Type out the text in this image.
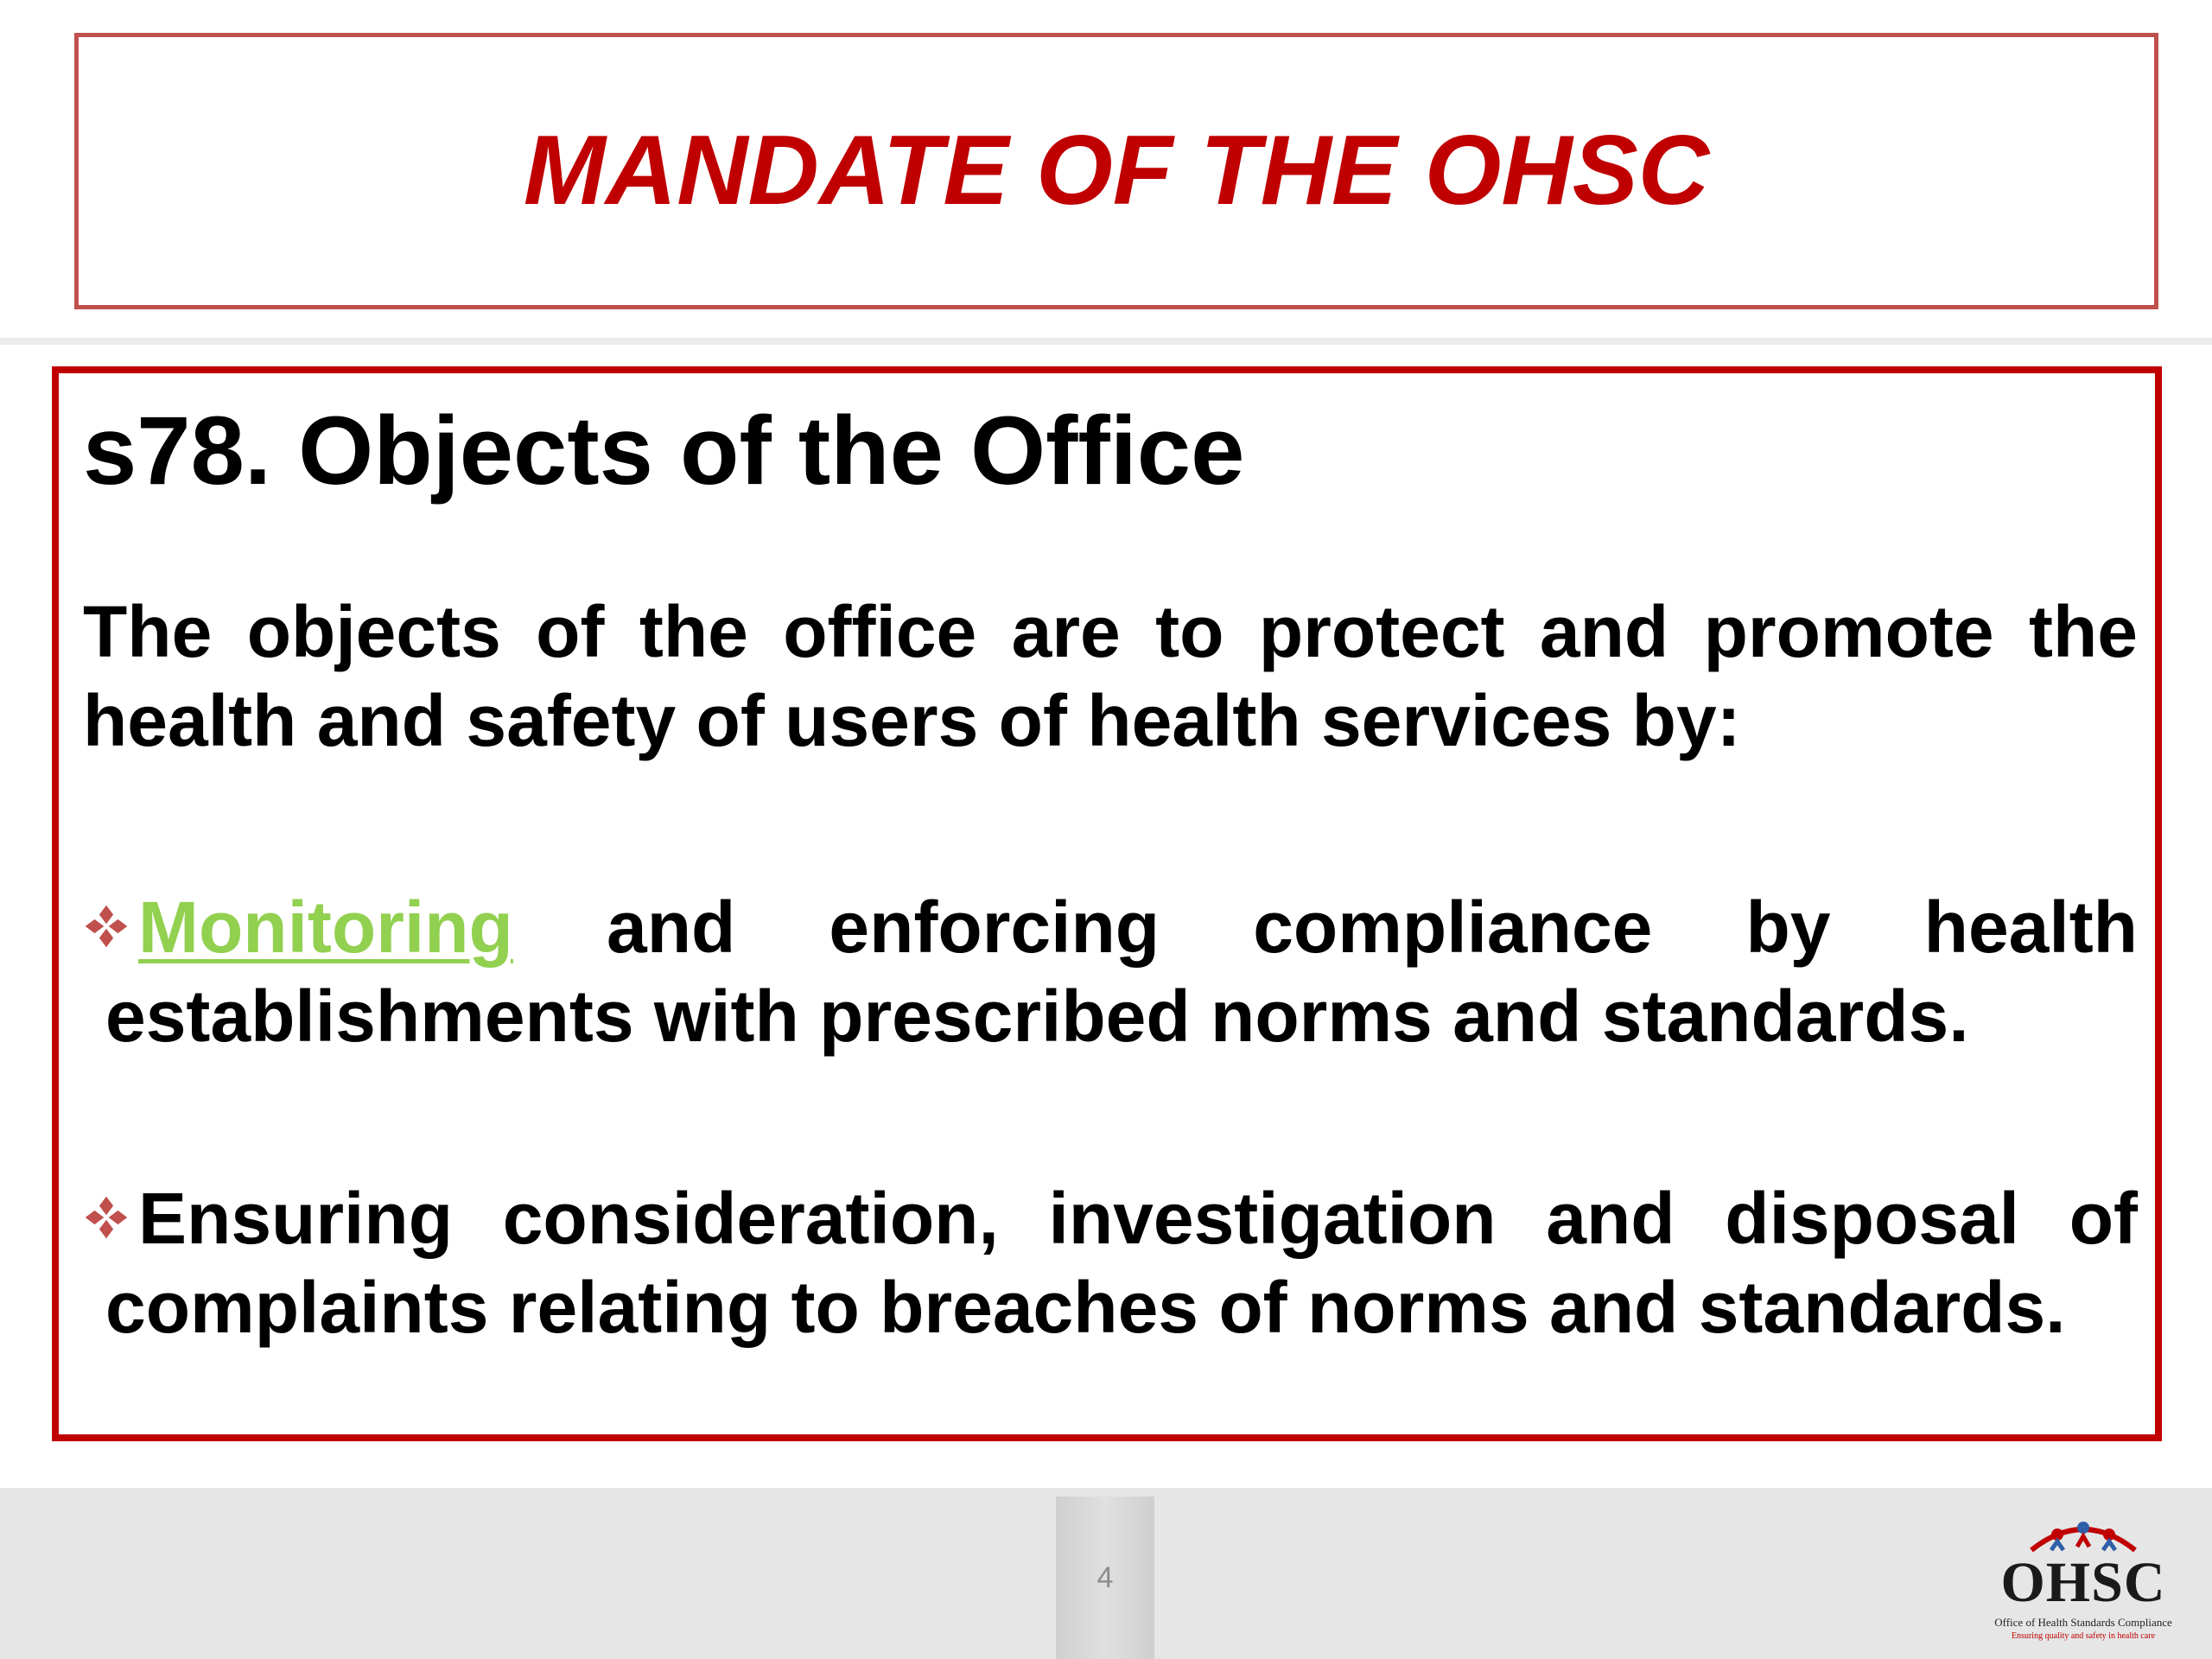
MANDATE OF THE OHSC
s78. Objects of the Office

The objects of the office are to protect and promote the health and safety of users of health services by:

Monitoring and enforcing compliance by health establishments with prescribed norms and standards.

Ensuring consideration, investigation and disposal of complaints relating to breaches of norms and standards.

4	OHSC
Office of Health Standards Compliance
Ensuring quality and safety in health care
